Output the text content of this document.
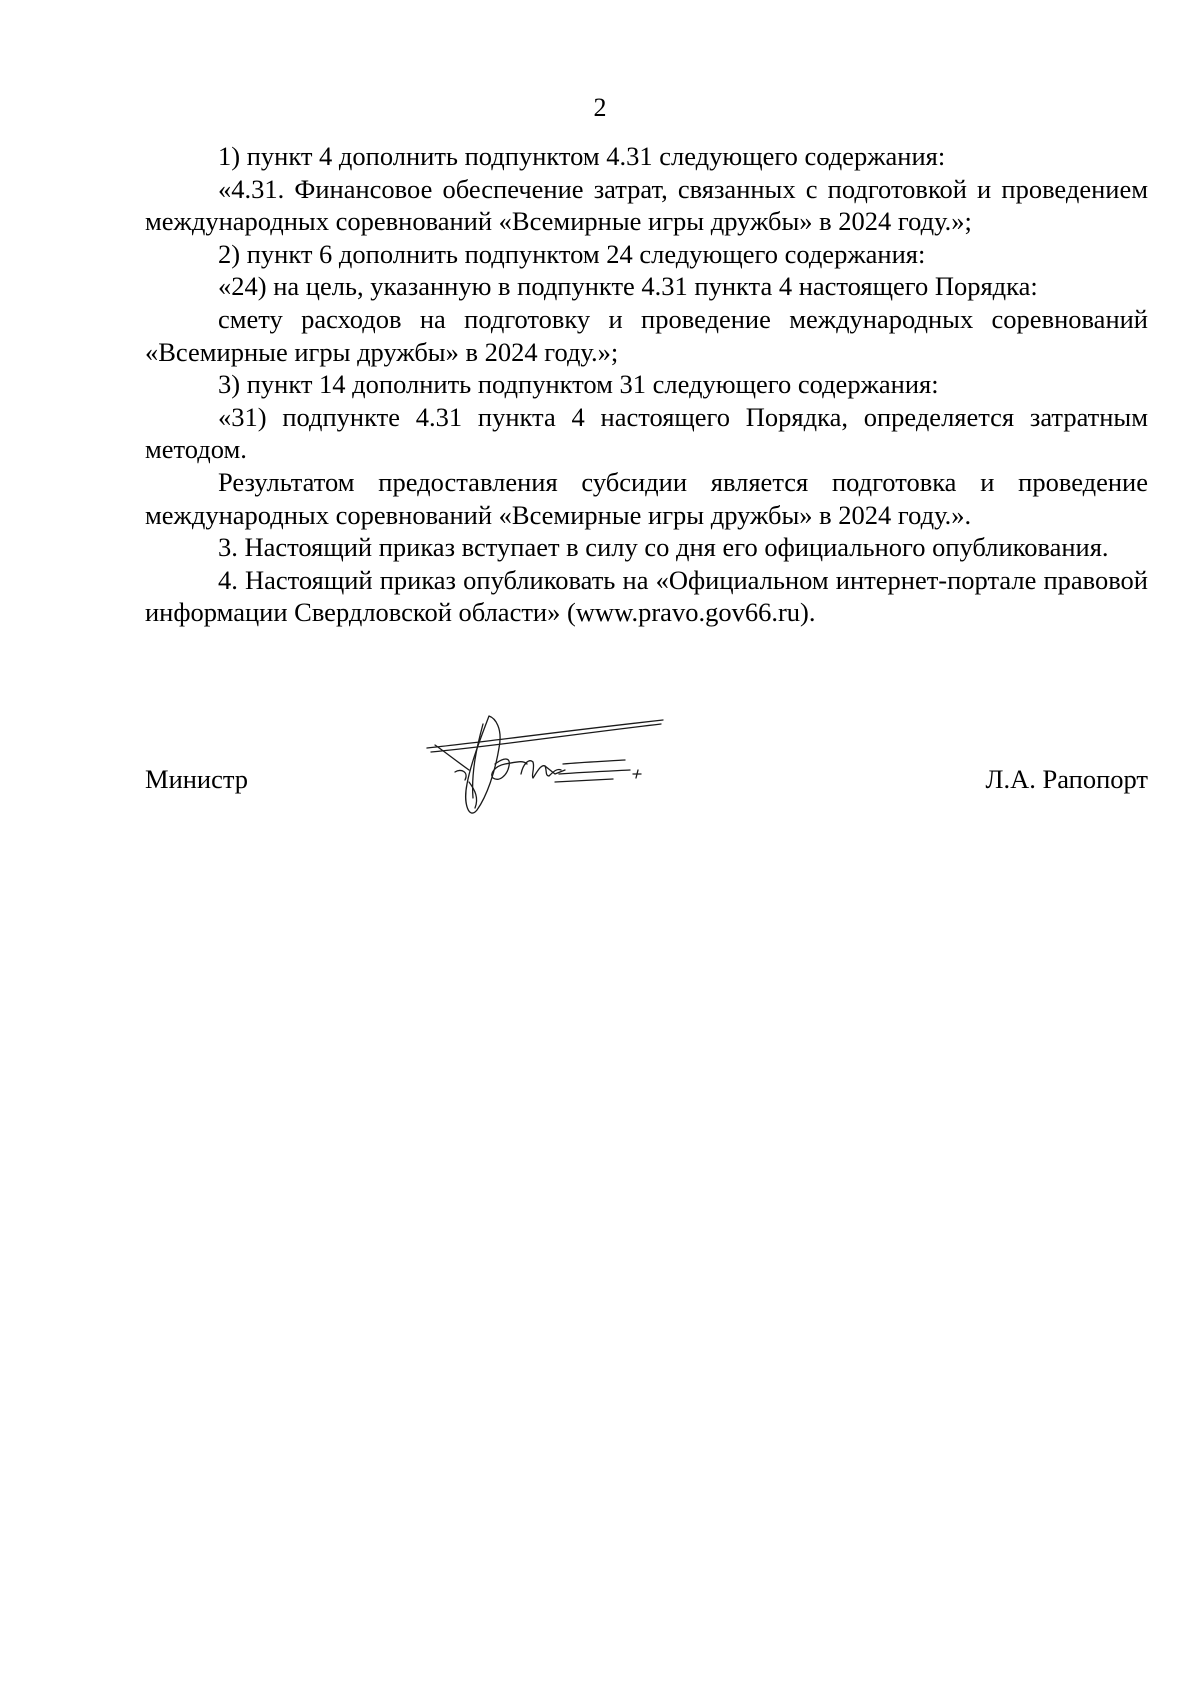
2

1) пункт 4 дополнить подпунктом 4.31 следующего содержания:

«4.31. Финансовое обеспечение затрат, связанных с подготовкой и проведением международных соревнований «Всемирные игры дружбы» в 2024 году.»;

2) пункт 6 дополнить подпунктом 24 следующего содержания:

«24) на цель, указанную в подпункте 4.31 пункта 4 настоящего Порядка:

смету расходов на подготовку и проведение международных соревнований «Всемирные игры дружбы» в 2024 году.»;

3) пункт 14 дополнить подпунктом 31 следующего содержания:

«31) подпункте 4.31 пункта 4 настоящего Порядка, определяется затратным методом.

Результатом предоставления субсидии является подготовка и проведение международных соревнований «Всемирные игры дружбы» в 2024 году.».

3. Настоящий приказ вступает в силу со дня его официального опубликования.

4. Настоящий приказ опубликовать на «Официальном интернет-портале правовой информации Свердловской области» (www.pravo.gov66.ru).

Министр	Л.А. Рапопорт
